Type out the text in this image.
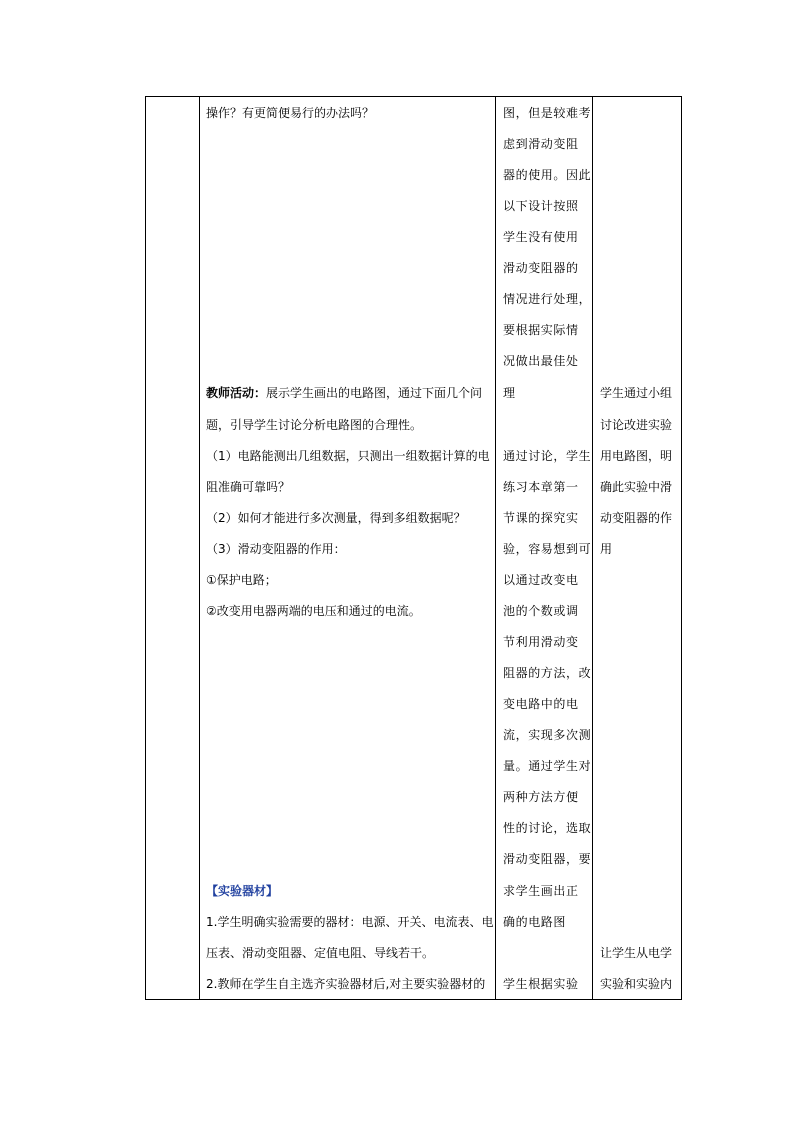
操作？有更简便易行的办法吗？
教师活动：展示学生画出的电路图，通过下面几个问
题，引导学生讨论分析电路图的合理性。
（1）电路能测出几组数据，只测出一组数据计算的电
阻准确可靠吗？
（2）如何才能进行多次测量，得到多组数据呢？
（3）滑动变阻器的作用：
①保护电路；
②改变用电器两端的电压和通过的电流。
【实验器材】
1.学生明确实验需要的器材：电源、开关、电流表、电
压表、滑动变阻器、定值电阻、导线若干。
2.教师在学生自主选齐实验器材后,对主要实验器材的
图，但是较难考
虑到滑动变阻
器的使用。因此
以下设计按照
学生没有使用
滑动变阻器的
情况进行处理，
要根据实际情
况做出最佳处
理
通过讨论，学生
练习本章第一
节课的探究实
验，容易想到可
以通过改变电
池的个数或调
节利用滑动变
阻器的方法，改
变电路中的电
流，实现多次测
量。通过学生对
两种方法方便
性的讨论，选取
滑动变阻器，要
求学生画出正
确的电路图
学生根据实验
学生通过小组
讨论改进实验
用电路图，明
确此实验中滑
动变阻器的作
用
让学生从电学
实验和实验内
